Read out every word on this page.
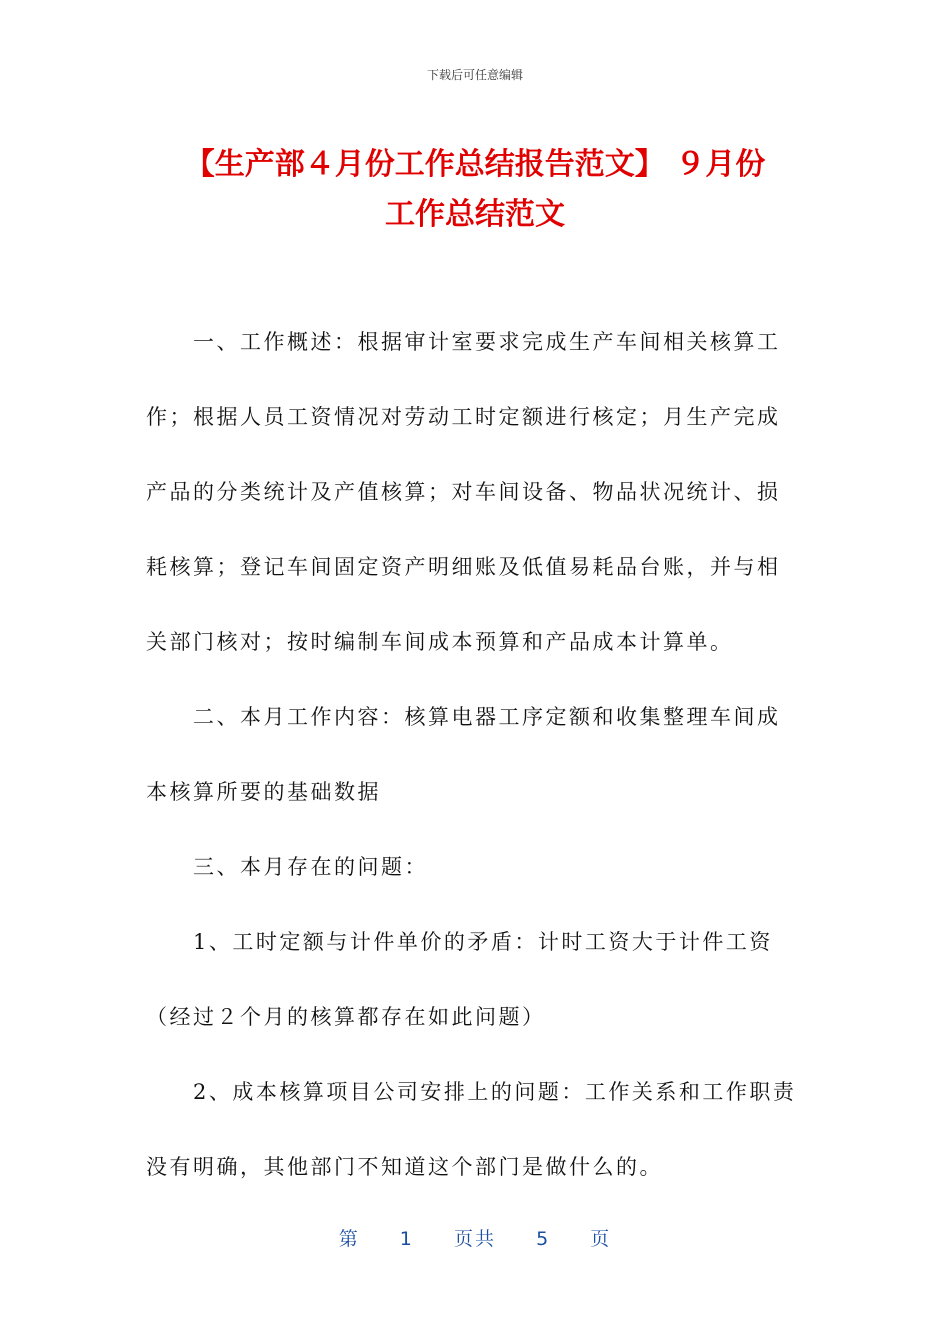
下载后可任意编辑
【生产部４月份工作总结报告范文】 ９月份
工作总结范文
　　一、工作概述：根据审计室要求完成生产车间相关核算工
作；根据人员工资情况对劳动工时定额进行核定；月生产完成
产品的分类统计及产值核算；对车间设备、物品状况统计、损
耗核算；登记车间固定资产明细账及低值易耗品台账，并与相
关部门核对；按时编制车间成本预算和产品成本计算单。
　　二、本月工作内容：核算电器工序定额和收集整理车间成
本核算所要的基础数据
　　三、本月存在的问题：
　　1、工时定额与计件单价的矛盾：计时工资大于计件工资
（经过２个月的核算都存在如此问题）
　　2、成本核算项目公司安排上的问题：工作关系和工作职责
没有明确，其他部门不知道这个部门是做什么的。
第 1 页共 5 页
